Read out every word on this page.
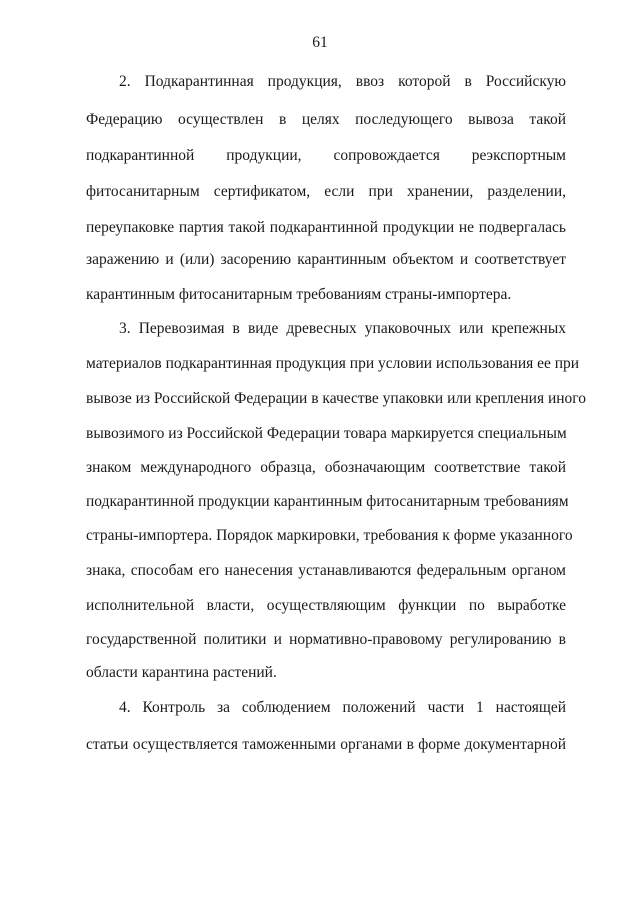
61
2. Подкарантинная продукция, ввоз которой в Российскую
Федерацию осуществлен в целях последующего вывоза такой
подкарантинной продукции, сопровождается реэкспортным
фитосанитарным сертификатом, если при хранении, разделении,
переупаковке партия такой подкарантинной продукции не подвергалась
заражению и (или) засорению карантинным объектом и соответствует
карантинным фитосанитарным требованиям страны-импортера.
3. Перевозимая в виде древесных упаковочных или крепежных
материалов подкарантинная продукция при условии использования ее при
вывозе из Российской Федерации в качестве упаковки или крепления иного
вывозимого из Российской Федерации товара маркируется специальным
знаком международного образца, обозначающим соответствие такой
подкарантинной продукции карантинным фитосанитарным требованиям
страны-импортера. Порядок маркировки, требования к форме указанного
знака, способам его нанесения устанавливаются федеральным органом
исполнительной власти, осуществляющим функции по выработке
государственной политики и нормативно-правовому регулированию в
области карантина растений.
4. Контроль за соблюдением положений части 1 настоящей
статьи осуществляется таможенными органами в форме документарной
